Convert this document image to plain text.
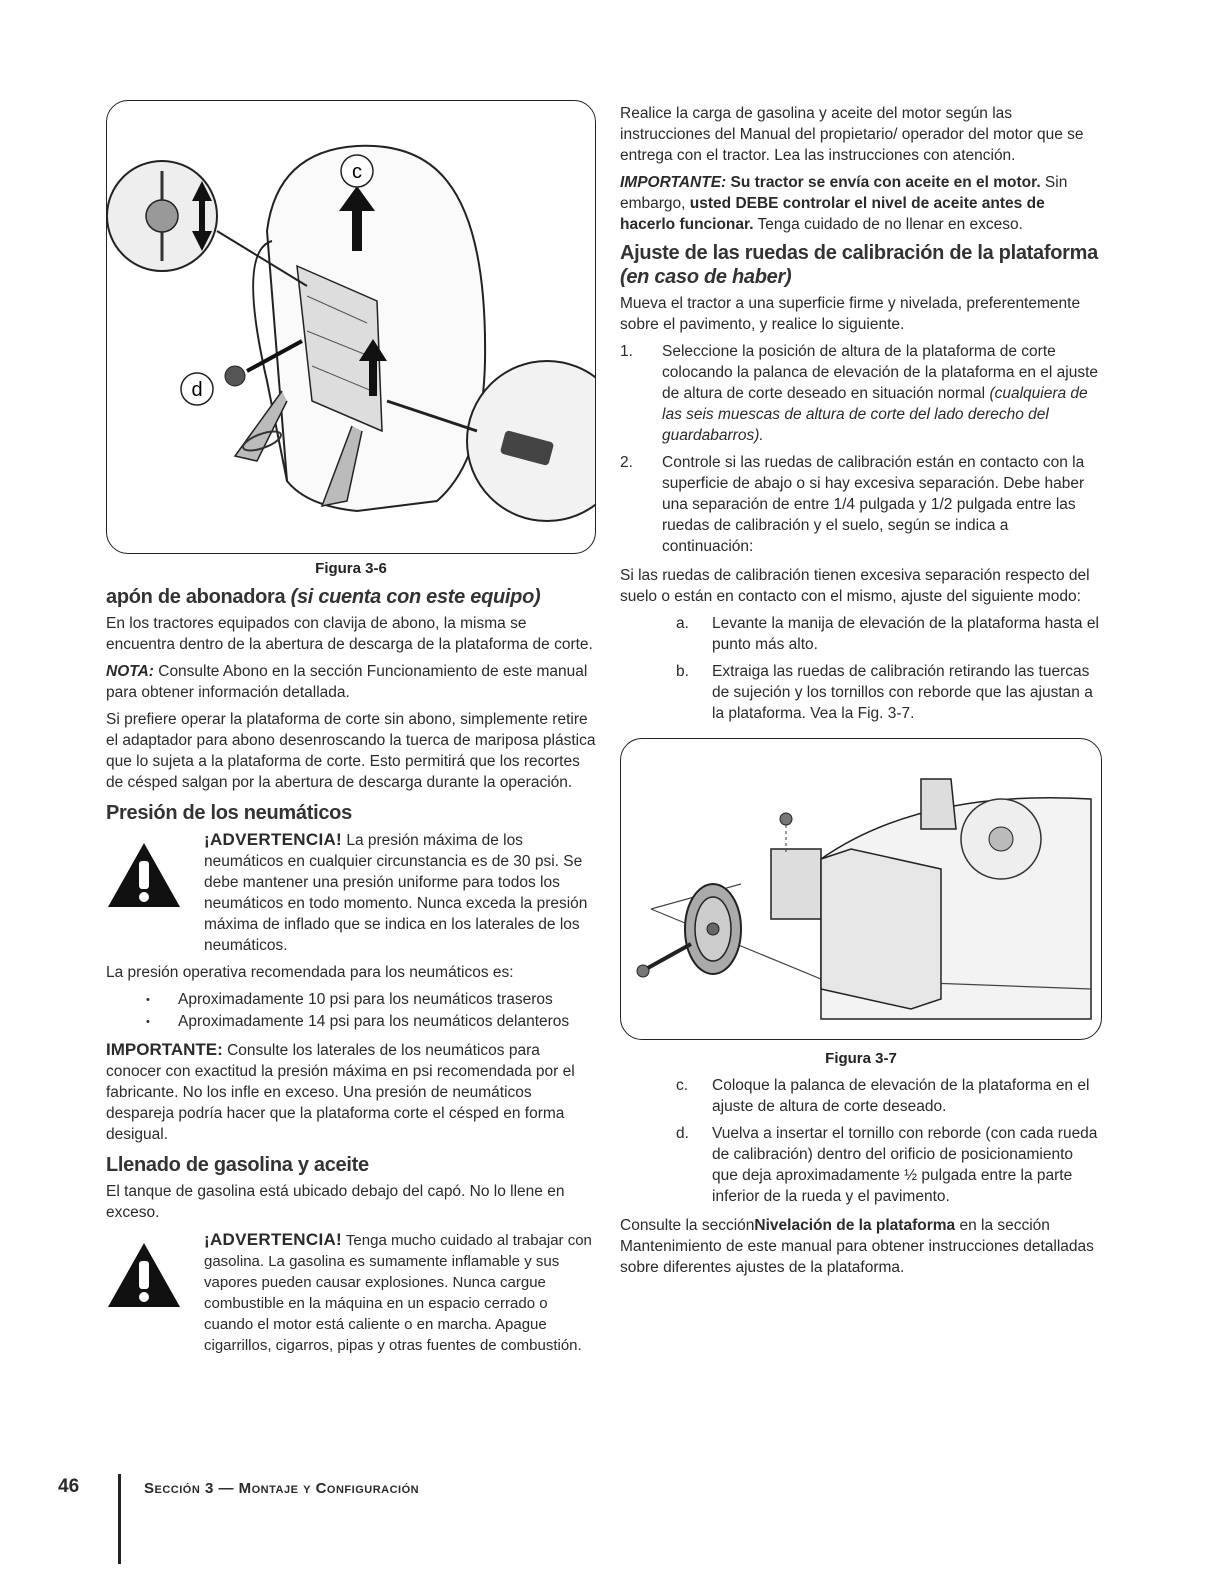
c
d
Figura 3-6
apón de abonadora (si cuenta con este equipo)

En los tractores equipados con clavija de abono, la misma se encuentra dentro de la abertura de descarga de la plataforma de corte.

NOTA: Consulte Abono en la sección Funcionamiento de este manual para obtener información detallada.

Si prefiere operar la plataforma de corte sin abono, simplemente retire el adaptador para abono desenroscando la tuerca de mariposa plástica que lo sujeta a la plataforma de corte. Esto permitirá que los recortes de césped salgan por la abertura de descarga durante la operación.

Presión de los neumáticos
¡ADVERTENCIA! La presión máxima de los neumáticos en cualquier circunstancia es de 30 psi. Se debe mantener una presión uniforme para todos los neumáticos en todo momento. Nunca exceda la presión máxima de inflado que se indica en los laterales de los neumáticos.

La presión operativa recomendada para los neumáticos es:

• Aproximadamente 10 psi para los neumáticos traseros
• Aproximadamente 14 psi para los neumáticos delanteros

IMPORTANTE: Consulte los laterales de los neumáticos para conocer con exactitud la presión máxima en psi recomendada por el fabricante. No los infle en exceso. Una presión de neumáticos despareja podría hacer que la plataforma corte el césped en forma desigual.

Llenado de gasolina y aceite

El tanque de gasolina está ubicado debajo del capó. No lo llene en exceso.

¡ADVERTENCIA! Tenga mucho cuidado al trabajar con gasolina. La gasolina es sumamente inflamable y sus vapores pueden causar explosiones. Nunca cargue combustible en la máquina en un espacio cerrado o cuando el motor está caliente o en marcha. Apague cigarrillos, cigarros, pipas y otras fuentes de combustión.

Realice la carga de gasolina y aceite del motor según las instrucciones del Manual del propietario/ operador del motor que se entrega con el tractor. Lea las instrucciones con atención.

IMPORTANTE: Su tractor se envía con aceite en el motor. Sin embargo, usted DEBE controlar el nivel de aceite antes de hacerlo funcionar. Tenga cuidado de no llenar en exceso.

Ajuste de las ruedas de calibración de la plataforma
(en caso de haber)

Mueva el tractor a una superficie firme y nivelada, preferentemente sobre el pavimento, y realice lo siguiente.

1. Seleccione la posición de altura de la plataforma de corte colocando la palanca de elevación de la plataforma en el ajuste de altura de corte deseado en situación normal (cualquiera de las seis muescas de altura de corte del lado derecho del guardabarros).
2. Controle si las ruedas de calibración están en contacto con la superficie de abajo o si hay excesiva separación. Debe haber una separación de entre 1/4 pulgada y 1/2 pulgada entre las ruedas de calibración y el suelo, según se indica a continuación:

Si las ruedas de calibración tienen excesiva separación respecto del suelo o están en contacto con el mismo, ajuste del siguiente modo:

a. Levante la manija de elevación de la plataforma hasta el punto más alto.
b. Extraiga las ruedas de calibración retirando las tuercas de sujeción y los tornillos con reborde que las ajustan a la plataforma. Vea la Fig. 3-7.
Figura 3-7
c. Coloque la palanca de elevación de la plataforma en el ajuste de altura de corte deseado.
d. Vuelva a insertar el tornillo con reborde (con cada rueda de calibración) dentro del orificio de posicionamiento que deja aproximadamente ½ pulgada entre la parte inferior de la rueda y el pavimento.

Consulte la secciónNivelación de la plataforma en la sección Mantenimiento de este manual para obtener instrucciones detalladas sobre diferentes ajustes de la plataforma.

46	Sección 3 — Montaje y Configuración
